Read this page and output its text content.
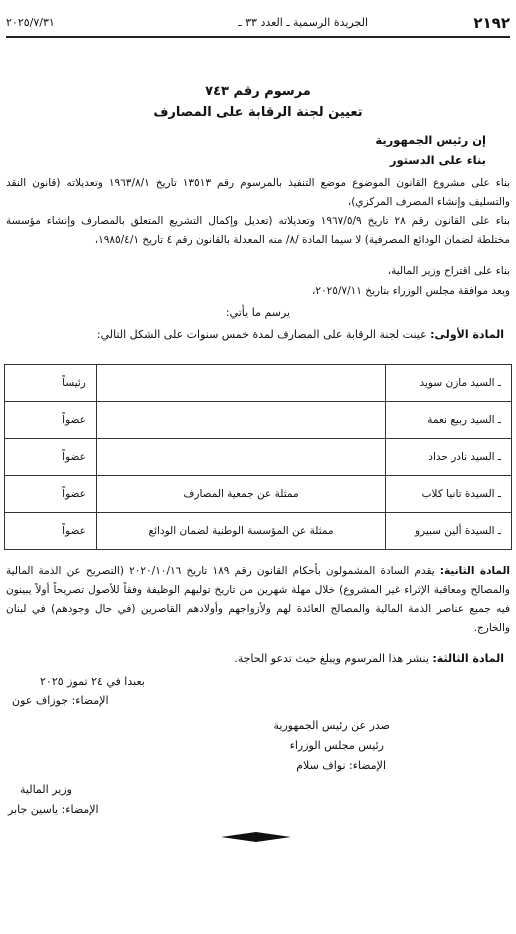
٢١٩٢
الجريدة الرسمية ـ العدد ٣٣ ـ
٢٠٢٥/٧/٣١
مرسوم رقم ٧٤٣
تعيين لجنة الرقابة على المصارف
إن رئيس الجمهورية
بناء على الدستور
بناء على مشروع القانون الموضوع موضع التنفيذ بالمرسوم رقم ١٣٥١٣ تاريخ ١٩٦٣/٨/١ وتعديلاته (قانون النقد والتسليف وإنشاء المصرف المركزي)،
بناء على القانون رقم ٢٨ تاريخ ١٩٦٧/٥/٩ وتعديلاته (تعديل وإكمال التشريع المتعلق بالمصارف وإنشاء مؤسسة مختلطة لضمان الودائع المصرفية) لا سيما المادة /٨/ منه المعدلة بالقانون رقم ٤ تاريخ ١٩٨٥/٤/١،
بناء على اقتراح وزير المالية،
وبعد موافقة مجلس الوزراء بتاريخ ٢٠٢٥/٧/١١،
يرسم ما يأتي:
المادة الأولى: عينت لجنة الرقابة على المصارف لمدة خمس سنوات على الشكل التالي:
ـ السيد مازن سويد		رئيساً
ـ السيد ربيع نعمة		عضواً
ـ السيد نادر حداد		عضواً
ـ السيدة تانيا كلاب	ممثلة عن جمعية المصارف	عضواً
ـ السيدة ألين سبيرو	ممثلة عن المؤسسة الوطنية لضمان الودائع	عضواً
المادة الثانية: يقدم السادة المشمولون بأحكام القانون رقم ١٨٩ تاريخ ٢٠٢٠/١٠/١٦ (التصريح عن الذمة المالية والمصالح ومعاقبة الإثراء غير المشروع) خلال مهلة شهرين من تاريخ توليهم الوظيفة وفقاً للأصول تصريحاً أولاً يبينون فيه جميع عناصر الذمة المالية والمصالح العائدة لهم ولأزواجهم وأولادهم القاصرين (في حال وجودهم) في لبنان والخارج.
المادة الثالثة: ينشر هذا المرسوم ويبلغ حيث تدعو الحاجة.
بعبدا في ٢٤ تموز ٢٠٢٥
الإمضاء: جوزاف عون
صدر عن رئيس الجمهورية
رئيس مجلس الوزراء
الإمضاء: نواف سلام
وزير المالية
الإمضاء: ياسين جابر
